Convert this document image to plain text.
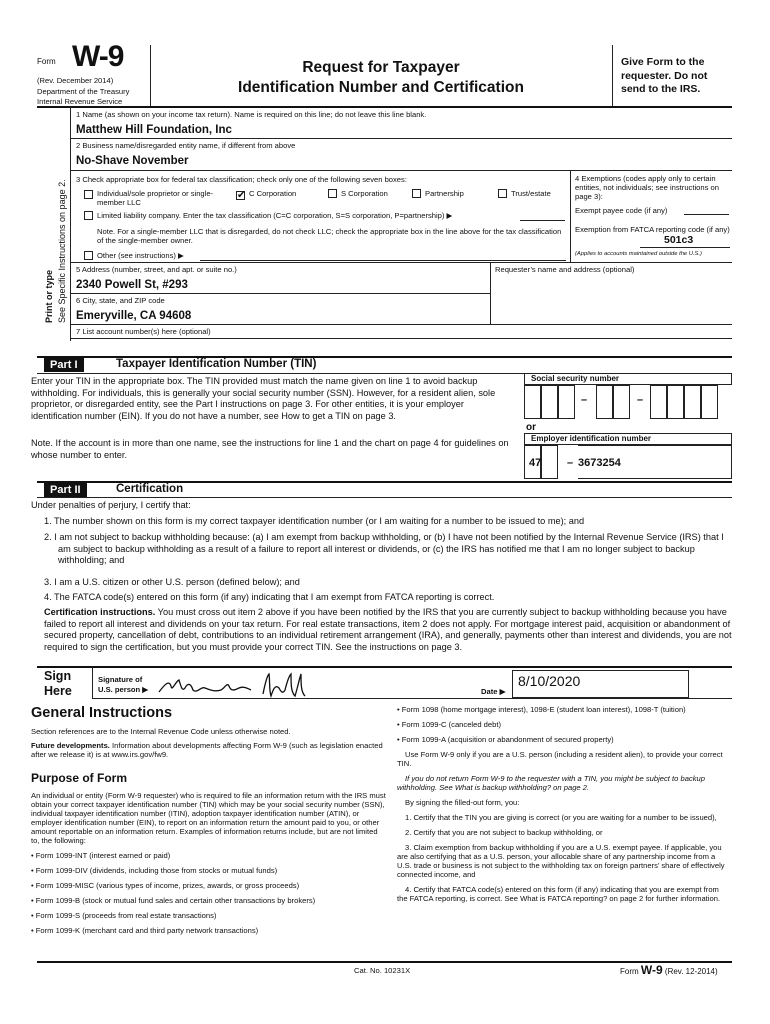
Form W-9
(Rev. December 2014)
Department of the Treasury
Internal Revenue Service
Request for Taxpayer
Identification Number and Certification
Give Form to the requester. Do not send to the IRS.
Print or type See Specific Instructions on page 2.
1 Name (as shown on your income tax return). Name is required on this line; do not leave this line blank.
Matthew Hill Foundation, Inc
2 Business name/disregarded entity name, if different from above
No-Shave November
3 Check appropriate box for federal tax classification; check only one of the following seven boxes:
Individual/sole proprietor or single-member LLC
✔ C Corporation	S Corporation	Partnership	Trust/estate
Limited liability company. Enter the tax classification (C=C corporation, S=S corporation, P=partnership) ▶
Note. For a single-member LLC that is disregarded, do not check LLC; check the appropriate box in the line above for the tax classification of the single-member owner.
Other (see instructions) ▶
4 Exemptions (codes apply only to certain entities, not individuals; see instructions on page 3):
Exempt payee code (if any)
Exemption from FATCA reporting code (if any)
501c3
(Applies to accounts maintained outside the U.S.)
5 Address (number, street, and apt. or suite no.)	Requester’s name and address (optional)
2340 Powell St, #293
6 City, state, and ZIP code
Emeryville, CA 94608
7 List account number(s) here (optional)
Part I	Taxpayer Identification Number (TIN)
Enter your TIN in the appropriate box. The TIN provided must match the name given on line 1 to avoid backup withholding. For individuals, this is generally your social security number (SSN). However, for a resident alien, sole proprietor, or disregarded entity, see the Part I instructions on page 3. For other entities, it is your employer identification number (EIN). If you do not have a number, see How to get a TIN on page 3.
Note. If the account is in more than one name, see the instructions for line 1 and the chart on page 4 for guidelines on whose number to enter.
Social security number
–	–
or
Employer identification number
47 – 3673254
Part II	Certification
Under penalties of perjury, I certify that:
1. The number shown on this form is my correct taxpayer identification number (or I am waiting for a number to be issued to me); and
2. I am not subject to backup withholding because: (a) I am exempt from backup withholding, or (b) I have not been notified by the Internal Revenue Service (IRS) that I am subject to backup withholding as a result of a failure to report all interest or dividends, or (c) the IRS has notified me that I am no longer subject to backup withholding; and
3. I am a U.S. citizen or other U.S. person (defined below); and
4. The FATCA code(s) entered on this form (if any) indicating that I am exempt from FATCA reporting is correct.
Certification instructions. You must cross out item 2 above if you have been notified by the IRS that you are currently subject to backup withholding because you have failed to report all interest and dividends on your tax return. For real estate transactions, item 2 does not apply. For mortgage interest paid, acquisition or abandonment of secured property, cancellation of debt, contributions to an individual retirement arrangement (IRA), and generally, payments other than interest and dividends, you are not required to sign the certification, but you must provide your correct TIN. See the instructions on page 3.
Sign
Here
Signature of
U.S. person ▶	Date ▶
8/10/2020
General Instructions
Section references are to the Internal Revenue Code unless otherwise noted.
Future developments. Information about developments affecting Form W-9 (such as legislation enacted after we release it) is at www.irs.gov/fw9.
Purpose of Form
An individual or entity (Form W-9 requester) who is required to file an information return with the IRS must obtain your correct taxpayer identification number (TIN) which may be your social security number (SSN), individual taxpayer identification number (ITIN), adoption taxpayer identification number (ATIN), or employer identification number (EIN), to report on an information return the amount paid to you, or other amount reportable on an information return. Examples of information returns include, but are not limited to, the following:
• Form 1099-INT (interest earned or paid)
• Form 1099-DIV (dividends, including those from stocks or mutual funds)
• Form 1099-MISC (various types of income, prizes, awards, or gross proceeds)
• Form 1099-B (stock or mutual fund sales and certain other transactions by brokers)
• Form 1099-S (proceeds from real estate transactions)
• Form 1099-K (merchant card and third party network transactions)
• Form 1098 (home mortgage interest), 1098-E (student loan interest), 1098-T (tuition)
• Form 1099-C (canceled debt)
• Form 1099-A (acquisition or abandonment of secured property)
Use Form W-9 only if you are a U.S. person (including a resident alien), to provide your correct TIN.
If you do not return Form W-9 to the requester with a TIN, you might be subject to backup withholding. See What is backup withholding? on page 2.
By signing the filled-out form, you:
1. Certify that the TIN you are giving is correct (or you are waiting for a number to be issued),
2. Certify that you are not subject to backup withholding, or
3. Claim exemption from backup withholding if you are a U.S. exempt payee. If applicable, you are also certifying that as a U.S. person, your allocable share of any partnership income from a U.S. trade or business is not subject to the withholding tax on foreign partners’ share of effectively connected income, and
4. Certify that FATCA code(s) entered on this form (if any) indicating that you are exempt from the FATCA reporting, is correct. See What is FATCA reporting? on page 2 for further information.
Cat. No. 10231X	Form W-9 (Rev. 12-2014)
